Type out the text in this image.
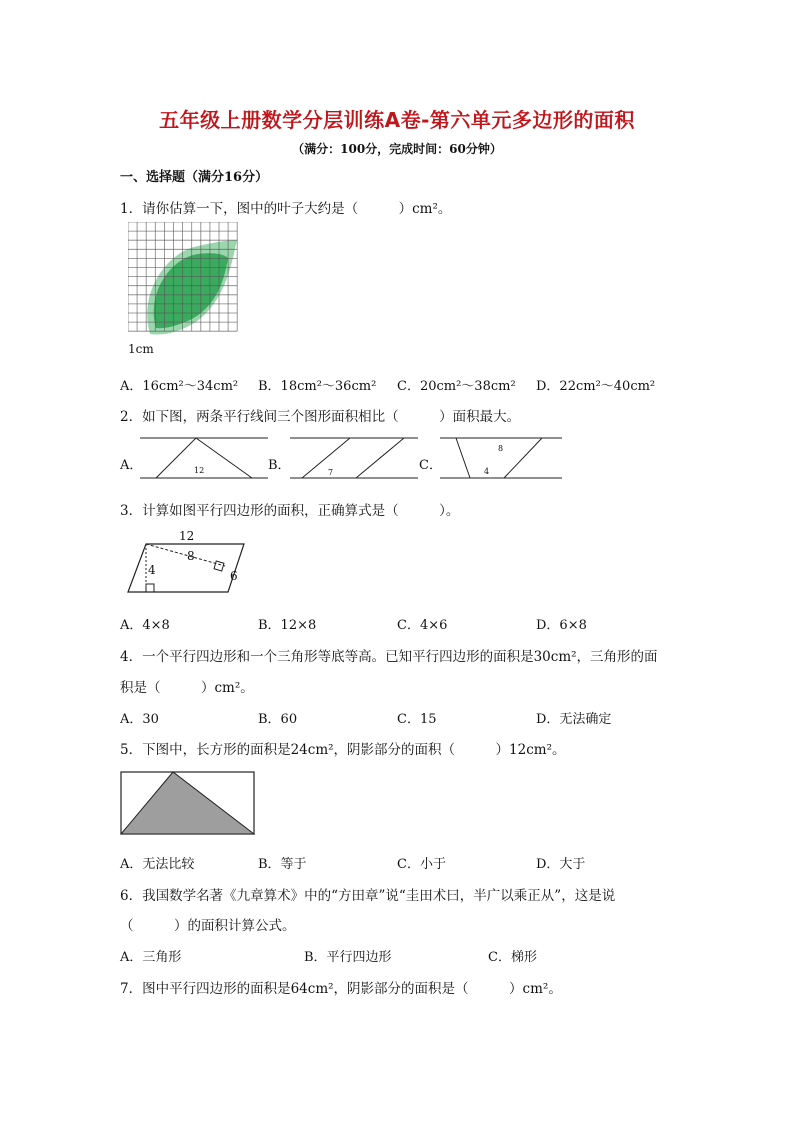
五年级上册数学分层训练A卷-第六单元多边形的面积
（满分：100分，完成时间：60分钟）
一、选择题（满分16分）
1．请你估算一下，图中的叶子大约是（　　　）cm²。
1cm
A．16cm²～34cm² B．18cm²～36cm² C．20cm²～38cm² D．22cm²～40cm²
2．如下图，两条平行线间三个图形面积相比（　　　）面积最大。
A．	12	B．	7	C．
8
4
3．计算如图平行四边形的面积，正确算式是（　　　）。
12
8
4	6
A．4×8	B．12×8	C．4×6	D．6×8
4．一个平行四边形和一个三角形等底等高。已知平行四边形的面积是30cm²，三角形的面
积是（　　　）cm²。
A．30	B．60	C．15	D．无法确定
5．下图中，长方形的面积是24cm²，阴影部分的面积（　　　）12cm²。
A．无法比较	B．等于	C．小于	D．大于
6．我国数学名著《九章算术》中的“方田章”说“圭田术曰，半广以乘正从”，这是说
（　　　）的面积计算公式。
A．三角形	B．平行四边形	C．梯形
7．图中平行四边形的面积是64cm²，阴影部分的面积是（　　　）cm²。
